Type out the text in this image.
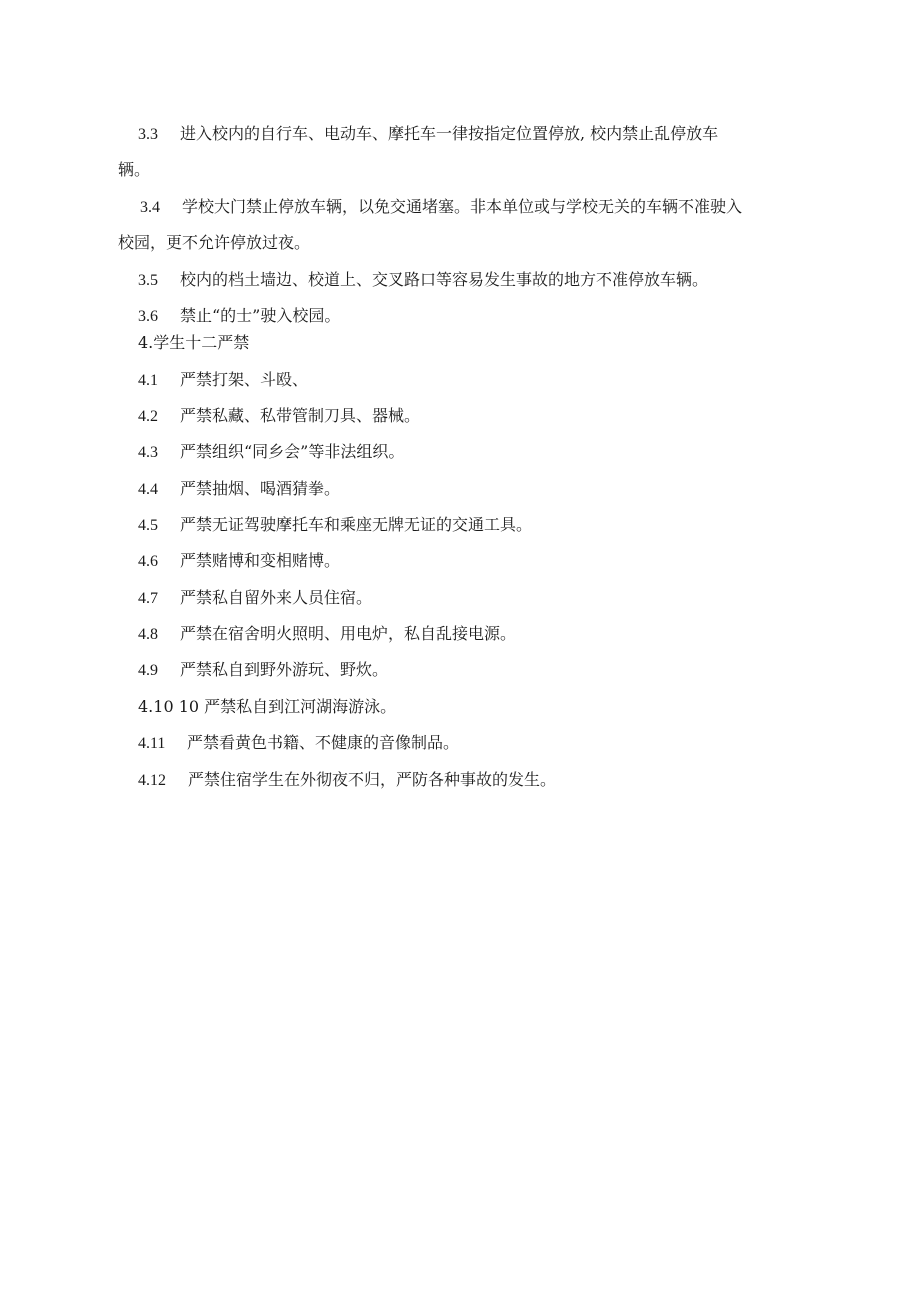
3.3 进入校内的自行车、电动车、摩托车一律按指定位置停放, 校内禁止乱停放车
辆。
3.4 学校大门禁止停放车辆，以免交通堵塞。非本单位或与学校无关的车辆不准驶入
校园，更不允许停放过夜。
3.5 校内的档土墙边、校道上、交叉路口等容易发生事故的地方不准停放车辆。
3.6 禁止“的士”驶入校园。
4.学生十二严禁
4.1 严禁打架、斗殴、
4.2 严禁私藏、私带管制刀具、器械。
4.3 严禁组织“同乡会”等非法组织。
4.4 严禁抽烟、喝酒猜拳。
4.5 严禁无证驾驶摩托车和乘座无牌无证的交通工具。
4.6 严禁赌博和变相赌博。
4.7 严禁私自留外来人员住宿。
4.8 严禁在宿舍明火照明、用电炉，私自乱接电源。
4.9 严禁私自到野外游玩、野炊。
4.10 10 严禁私自到江河湖海游泳。
4.11 严禁看黄色书籍、不健康的音像制品。
4.12 严禁住宿学生在外彻夜不归，严防各种事故的发生。
